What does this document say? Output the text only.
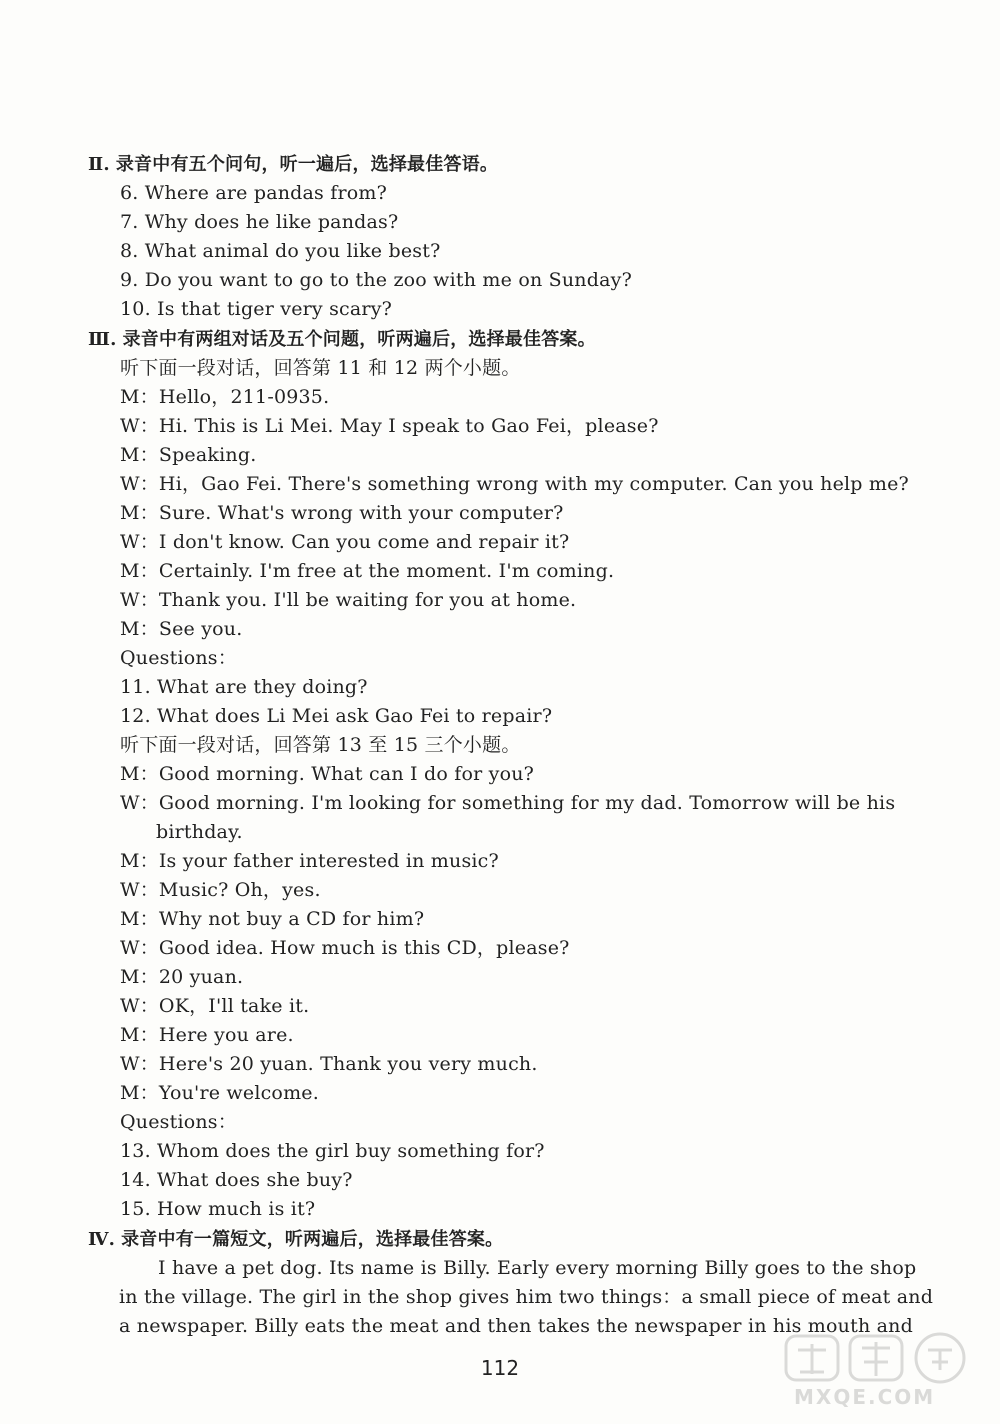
Ⅱ. 录音中有五个问句，听一遍后，选择最佳答语。
6. Where are pandas from?
7. Why does he like pandas?
8. What animal do you like best?
9. Do you want to go to the zoo with me on Sunday?
10. Is that tiger very scary?
Ⅲ. 录音中有两组对话及五个问题，听两遍后，选择最佳答案。
听下面一段对话，回答第 11 和 12 两个小题。
M：Hello，211-0935.
W：Hi. This is Li Mei. May I speak to Gao Fei，please?
M：Speaking.
W：Hi，Gao Fei. There's something wrong with my computer. Can you help me?
M：Sure. What's wrong with your computer?
W：I don't know. Can you come and repair it?
M：Certainly. I'm free at the moment. I'm coming.
W：Thank you. I'll be waiting for you at home.
M：See you.
Questions：
11. What are they doing?
12. What does Li Mei ask Gao Fei to repair?
听下面一段对话，回答第 13 至 15 三个小题。
M：Good morning. What can I do for you?
W：Good morning. I'm looking for something for my dad. Tomorrow will be his
birthday.
M：Is your father interested in music?
W：Music? Oh，yes.
M：Why not buy a CD for him?
W：Good idea. How much is this CD，please?
M：20 yuan.
W：OK，I'll take it.
M：Here you are.
W：Here's 20 yuan. Thank you very much.
M：You're welcome.
Questions：
13. Whom does the girl buy something for?
14. What does she buy?
15. How much is it?
Ⅳ. 录音中有一篇短文，听两遍后，选择最佳答案。
I have a pet dog. Its name is Billy. Early every morning Billy goes to the shop
in the village. The girl in the shop gives him two things：a small piece of meat and
a newspaper. Billy eats the meat and then takes the newspaper in his mouth and
112
MXQE.COM
